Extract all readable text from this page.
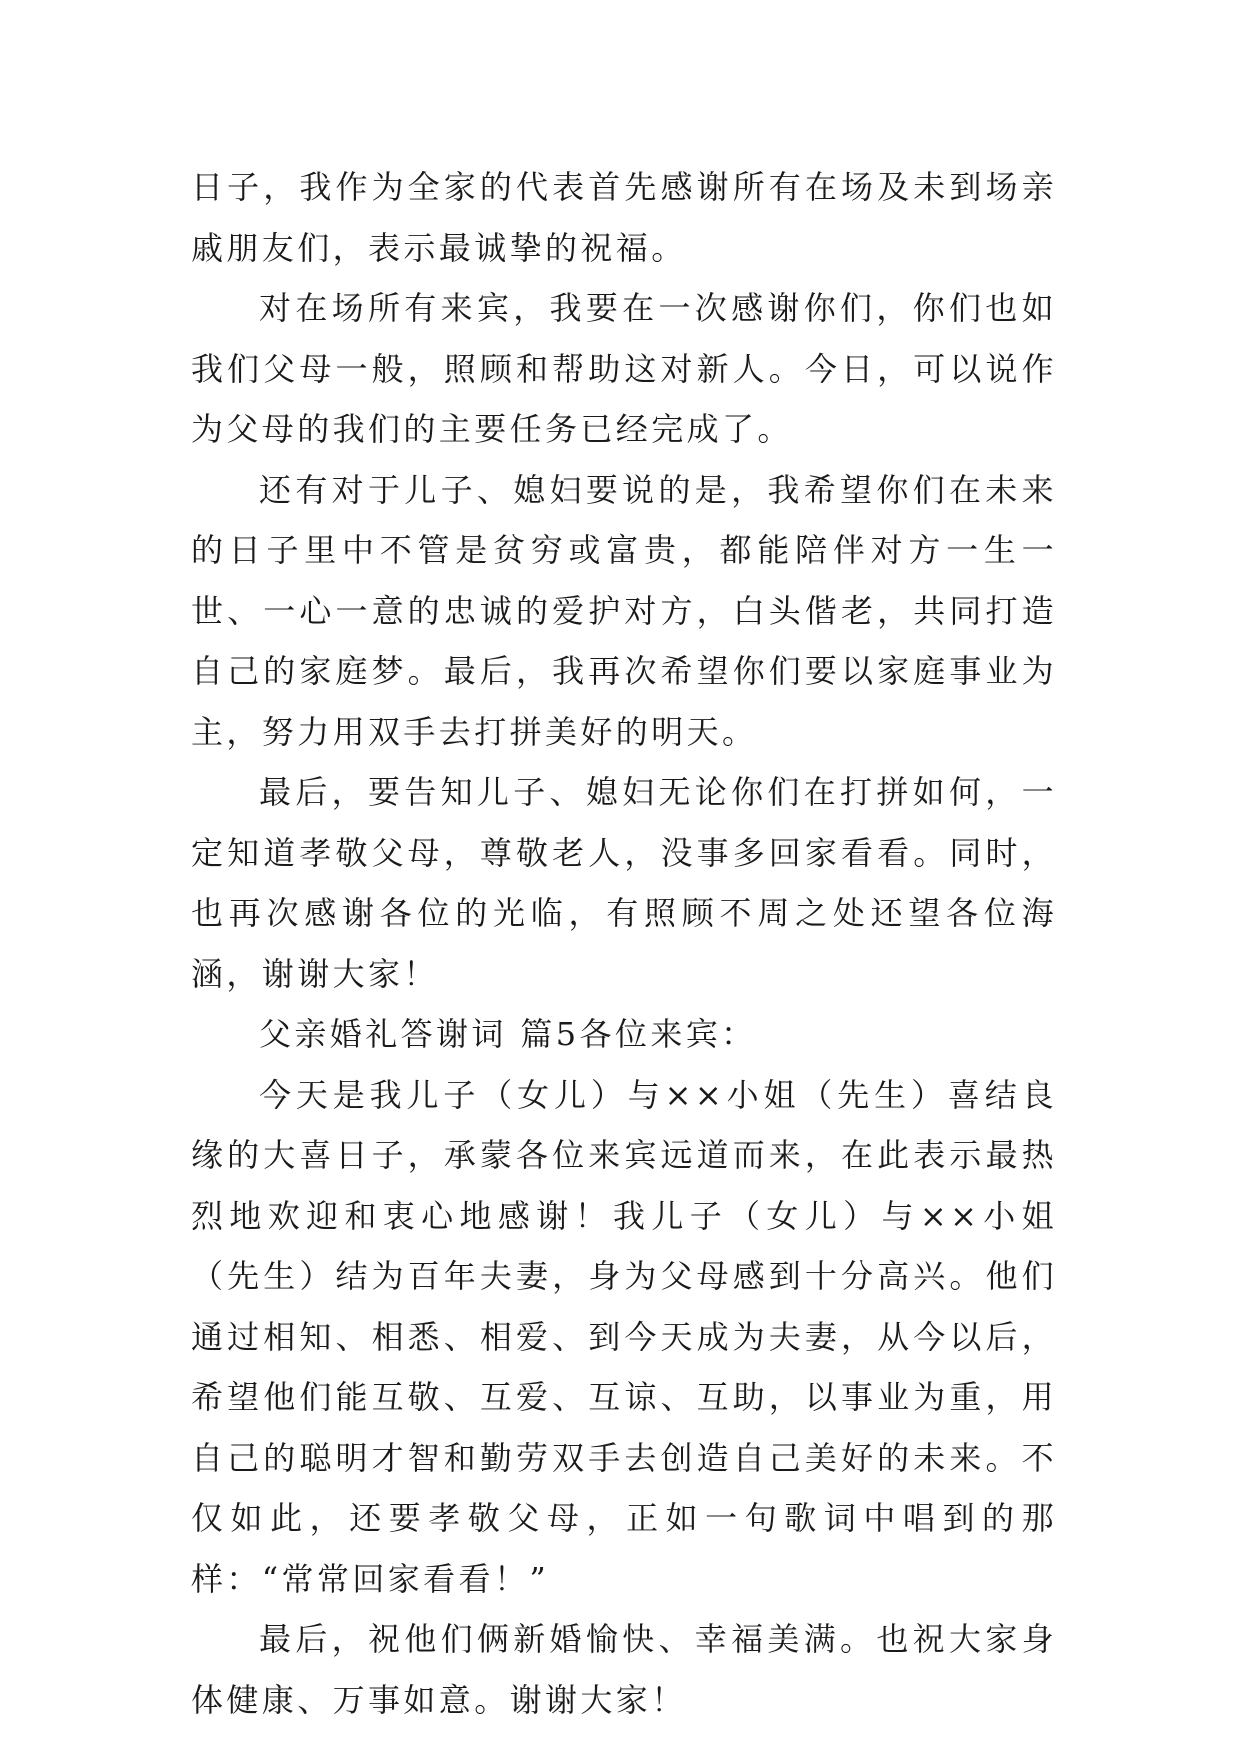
日子，我作为全家的代表首先感谢所有在场及未到场亲戚朋友们，表示最诚挚的祝福。

对在场所有来宾，我要在一次感谢你们，你们也如我们父母一般，照顾和帮助这对新人。今日，可以说作为父母的我们的主要任务已经完成了。

还有对于儿子、媳妇要说的是，我希望你们在未来的日子里中不管是贫穷或富贵，都能陪伴对方一生一世、一心一意的忠诚的爱护对方，白头偕老，共同打造自己的家庭梦。最后，我再次希望你们要以家庭事业为主，努力用双手去打拼美好的明天。

最后，要告知儿子、媳妇无论你们在打拼如何，一定知道孝敬父母，尊敬老人，没事多回家看看。同时，也再次感谢各位的光临，有照顾不周之处还望各位海涵，谢谢大家！

父亲婚礼答谢词 篇5各位来宾：

今天是我儿子（女儿）与××小姐（先生）喜结良缘的大喜日子，承蒙各位来宾远道而来，在此表示最热烈地欢迎和衷心地感谢！我儿子（女儿）与××小姐（先生）结为百年夫妻，身为父母感到十分高兴。他们通过相知、相悉、相爱、到今天成为夫妻，从今以后，希望他们能互敬、互爱、互谅、互助，以事业为重，用自己的聪明才智和勤劳双手去创造自己美好的未来。不仅如此，还要孝敬父母，正如一句歌词中唱到的那样：“常常回家看看！”

最后，祝他们俩新婚愉快、幸福美满。也祝大家身体健康、万事如意。谢谢大家！
